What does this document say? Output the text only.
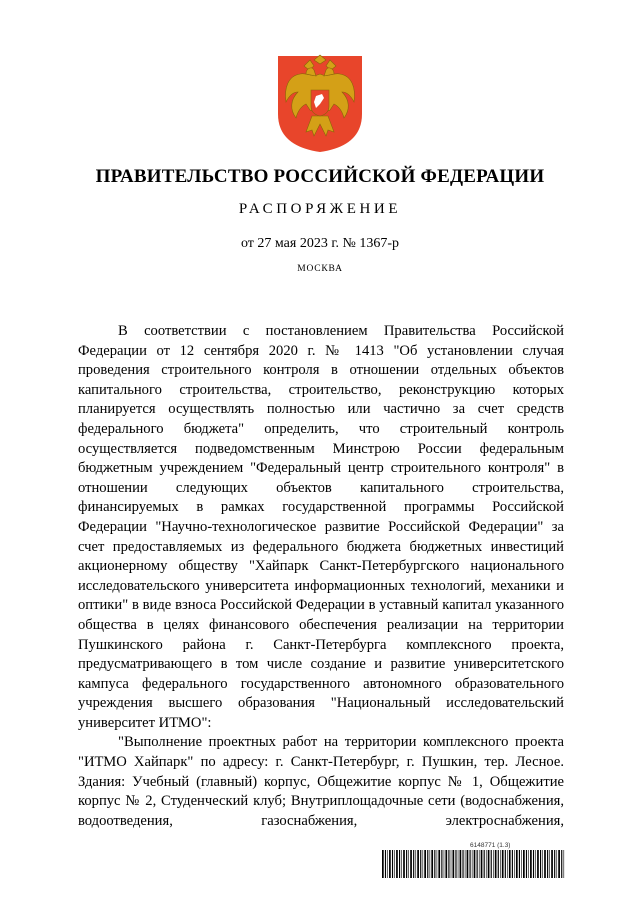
ПРАВИТЕЛЬСТВО РОССИЙСКОЙ ФЕДЕРАЦИИ
РАСПОРЯЖЕНИЕ
от 27 мая 2023 г. № 1367-р
МОСКВА

В соответствии с постановлением Правительства Российской Федерации от 12 сентября 2020 г. № 1413 "Об установлении случая проведения строительного контроля в отношении отдельных объектов капитального строительства, строительство, реконструкцию которых планируется осуществлять полностью или частично за счет средств федерального бюджета" определить, что строительный контроль осуществляется подведомственным Минстрою России федеральным бюджетным учреждением "Федеральный центр строительного контроля" в отношении следующих объектов капитального строительства, финансируемых в рамках государственной программы Российской Федерации "Научно-технологическое развитие Российской Федерации" за счет предоставляемых из федерального бюджета бюджетных инвестиций акционерному обществу "Хайпарк Санкт-Петербургского национального исследовательского университета информационных технологий, механики и оптики" в виде взноса Российской Федерации в уставный капитал указанного общества в целях финансового обеспечения реализации на территории Пушкинского района г. Санкт-Петербурга комплексного проекта, предусматривающего в том числе создание и развитие университетского кампуса федерального государственного автономного образовательного учреждения высшего образования "Национальный исследовательский университет ИТМО":

"Выполнение проектных работ на территории комплексного проекта "ИТМО Хайпарк" по адресу: г. Санкт-Петербург, г. Пушкин, тер. Лесное. Здания: Учебный (главный) корпус, Общежитие корпус № 1, Общежитие корпус № 2, Студенческий клуб; Внутриплощадочные сети (водоснабжения, водоотведения, газоснабжения, электроснабжения,

6148771 (1.3)
